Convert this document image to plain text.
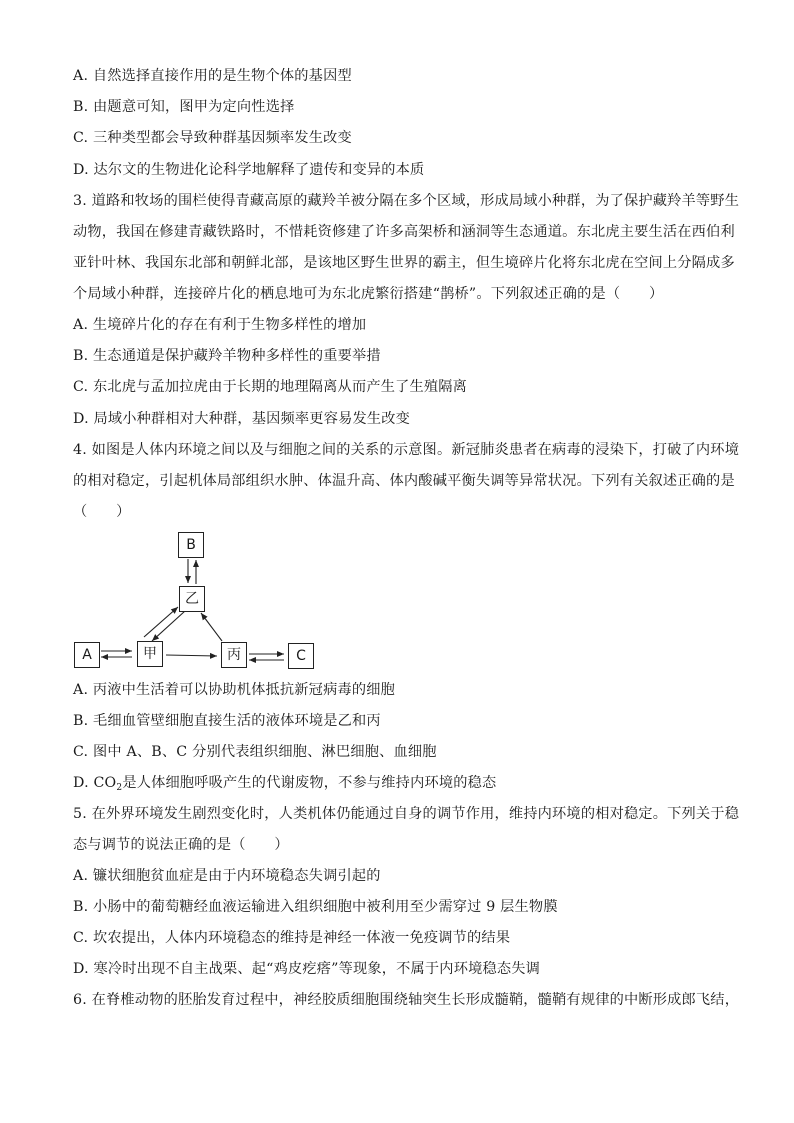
A. 自然选择直接作用的是生物个体的基因型
B. 由题意可知，图甲为定向性选择
C. 三种类型都会导致种群基因频率发生改变
D. 达尔文的生物进化论科学地解释了遗传和变异的本质
3. 道路和牧场的围栏使得青藏高原的藏羚羊被分隔在多个区域，形成局域小种群，为了保护藏羚羊等野生
动物，我国在修建青藏铁路时，不惜耗资修建了许多高架桥和涵洞等生态通道。东北虎主要生活在西伯利
亚针叶林、我国东北部和朝鲜北部，是该地区野生世界的霸主，但生境碎片化将东北虎在空间上分隔成多
个局域小种群，连接碎片化的栖息地可为东北虎繁衍搭建“鹊桥”。下列叙述正确的是（　　）
A. 生境碎片化的存在有利于生物多样性的增加
B. 生态通道是保护藏羚羊物种多样性的重要举措
C. 东北虎与孟加拉虎由于长期的地理隔离从而产生了生殖隔离
D. 局域小种群相对大种群，基因频率更容易发生改变
4. 如图是人体内环境之间以及与细胞之间的关系的示意图。新冠肺炎患者在病毒的浸染下，打破了内环境
的相对稳定，引起机体局部组织水肿、体温升高、体内酸碱平衡失调等异常状况。下列有关叙述正确的是
（　　）
B
乙
A	甲	丙	C
A. 丙液中生活着可以协助机体抵抗新冠病毒的细胞
B. 毛细血管壁细胞直接生活的液体环境是乙和丙
C. 图中 A、B、C 分别代表组织细胞、淋巴细胞、血细胞
D. $CO_2$是人体细胞呼吸产生的代谢废物，不参与维持内环境的稳态
5. 在外界环境发生剧烈变化时，人类机体仍能通过自身的调节作用，维持内环境的相对稳定。下列关于稳
态与调节的说法正确的是（　　）
A. 镰状细胞贫血症是由于内环境稳态失调引起的
B. 小肠中的葡萄糖经血液运输进入组织细胞中被利用至少需穿过 9 层生物膜
C. 坎农提出，人体内环境稳态的维持是神经一体液一免疫调节的结果
D. 寒冷时出现不自主战栗、起“鸡皮疙瘩”等现象，不属于内环境稳态失调
6. 在脊椎动物的胚胎发育过程中，神经胶质细胞围绕轴突生长形成髓鞘，髓鞘有规律的中断形成郎飞结，
